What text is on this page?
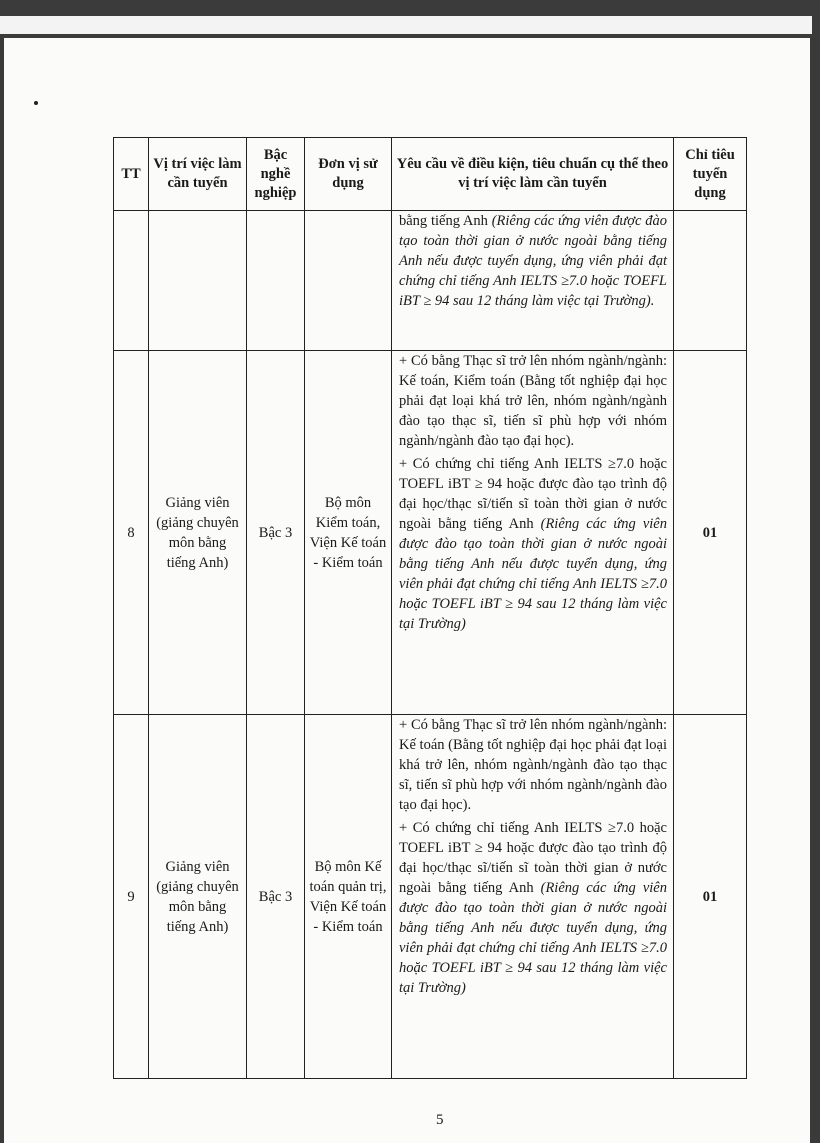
TT	Vị trí việc làm cần tuyển	Bậc nghề nghiệp	Đơn vị sử dụng	Yêu cầu về điều kiện, tiêu chuẩn cụ thể theo vị trí việc làm cần tuyển	Chỉ tiêu tuyển dụng

				bằng tiếng Anh (Riêng các ứng viên được đào tạo toàn thời gian ở nước ngoài bằng tiếng Anh nếu được tuyển dụng, ứng viên phải đạt chứng chỉ tiếng Anh IELTS ≥7.0 hoặc TOEFL iBT ≥ 94 sau 12 tháng làm việc tại Trường).	

8	Giảng viên (giảng chuyên môn bằng tiếng Anh)	Bậc 3	Bộ môn Kiểm toán, Viện Kế toán - Kiểm toán	+ Có bằng Thạc sĩ trở lên nhóm ngành/ngành: Kế toán, Kiểm toán (Bằng tốt nghiệp đại học phải đạt loại khá trở lên, nhóm ngành/ngành đào tạo thạc sĩ, tiến sĩ phù hợp với nhóm ngành/ngành đào tạo đại học).

+ Có chứng chỉ tiếng Anh IELTS ≥7.0 hoặc TOEFL iBT ≥ 94 hoặc được đào tạo trình độ đại học/thạc sĩ/tiến sĩ toàn thời gian ở nước ngoài bằng tiếng Anh (Riêng các ứng viên được đào tạo toàn thời gian ở nước ngoài bằng tiếng Anh nếu được tuyển dụng, ứng viên phải đạt chứng chỉ tiếng Anh IELTS ≥7.0 hoặc TOEFL iBT ≥ 94 sau 12 tháng làm việc tại Trường)	01
9	Giảng viên (giảng chuyên môn bằng tiếng Anh)	Bậc 3	Bộ môn Kế toán quản trị, Viện Kế toán - Kiểm toán	+ Có bằng Thạc sĩ trở lên nhóm ngành/ngành: Kế toán (Bằng tốt nghiệp đại học phải đạt loại khá trở lên, nhóm ngành/ngành đào tạo thạc sĩ, tiến sĩ phù hợp với nhóm ngành/ngành đào tạo đại học).

+ Có chứng chỉ tiếng Anh IELTS ≥7.0 hoặc TOEFL iBT ≥ 94 hoặc được đào tạo trình độ đại học/thạc sĩ/tiến sĩ toàn thời gian ở nước ngoài bằng tiếng Anh (Riêng các ứng viên được đào tạo toàn thời gian ở nước ngoài bằng tiếng Anh nếu được tuyển dụng, ứng viên phải đạt chứng chỉ tiếng Anh IELTS ≥7.0 hoặc TOEFL iBT ≥ 94 sau 12 tháng làm việc tại Trường)	01
5
